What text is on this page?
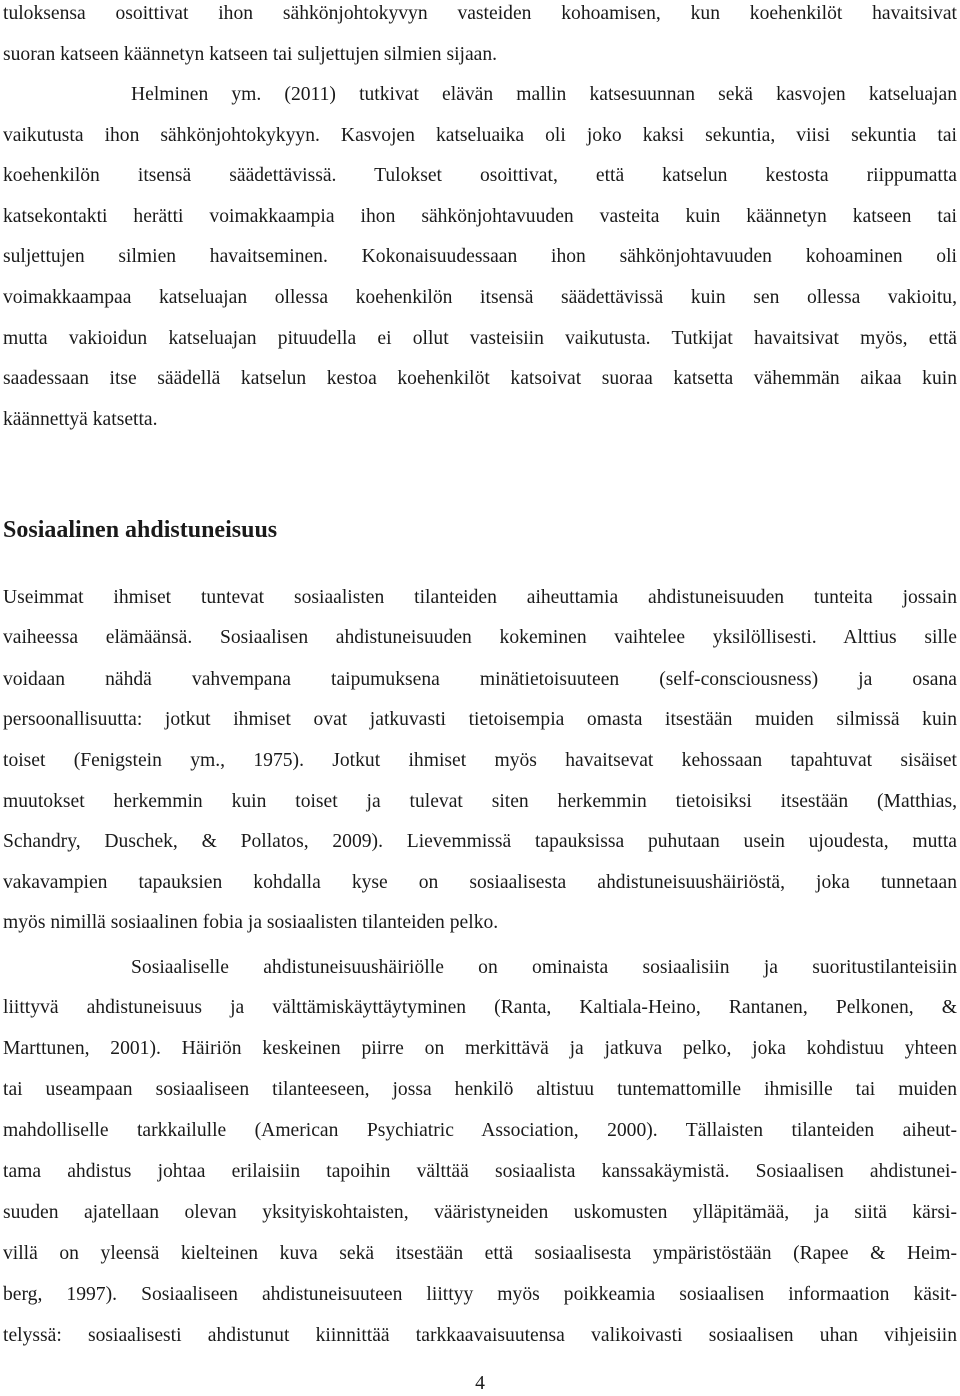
tuloksensa osoittivat ihon sähkönjohtokyvyn vasteiden kohoamisen, kun koehenkilöt havaitsivat
suoran katseen käännetyn katseen tai suljettujen silmien sijaan.
Helminen ym. (2011) tutkivat elävän mallin katsesuunnan sekä kasvojen katseluajan
vaikutusta ihon sähkönjohtokykyyn. Kasvojen katseluaika oli joko kaksi sekuntia, viisi sekuntia tai
koehenkilön itsensä säädettävissä. Tulokset osoittivat, että katselun kestosta riippumatta
katsekontakti herätti voimakkaampia ihon sähkönjohtavuuden vasteita kuin käännetyn katseen tai
suljettujen silmien havaitseminen. Kokonaisuudessaan ihon sähkönjohtavuuden kohoaminen oli
voimakkaampaa katseluajan ollessa koehenkilön itsensä säädettävissä kuin sen ollessa vakioitu,
mutta vakioidun katseluajan pituudella ei ollut vasteisiin vaikutusta. Tutkijat havaitsivat myös, että
saadessaan itse säädellä katselun kestoa koehenkilöt katsoivat suoraa katsetta vähemmän aikaa kuin
käännettyä katsetta.
Sosiaalinen ahdistuneisuus
Useimmat ihmiset tuntevat sosiaalisten tilanteiden aiheuttamia ahdistuneisuuden tunteita jossain
vaiheessa elämäänsä. Sosiaalisen ahdistuneisuuden kokeminen vaihtelee yksilöllisesti. Alttius sille
voidaan nähdä vahvempana taipumuksena minätietoisuuteen (self-consciousness) ja osana
persoonallisuutta: jotkut ihmiset ovat jatkuvasti tietoisempia omasta itsestään muiden silmissä kuin
toiset (Fenigstein ym., 1975). Jotkut ihmiset myös havaitsevat kehossaan tapahtuvat sisäiset
muutokset herkemmin kuin toiset ja tulevat siten herkemmin tietoisiksi itsestään (Matthias,
Schandry, Duschek, & Pollatos, 2009). Lievemmissä tapauksissa puhutaan usein ujoudesta, mutta
vakavampien tapauksien kohdalla kyse on sosiaalisesta ahdistuneisuushäiriöstä, joka tunnetaan
myös nimillä sosiaalinen fobia ja sosiaalisten tilanteiden pelko.
Sosiaaliselle ahdistuneisuushäiriölle on ominaista sosiaalisiin ja suoritustilanteisiin
liittyvä ahdistuneisuus ja välttämiskäyttäytyminen (Ranta, Kaltiala-Heino, Rantanen, Pelkonen, &
Marttunen, 2001). Häiriön keskeinen piirre on merkittävä ja jatkuva pelko, joka kohdistuu yhteen
tai useampaan sosiaaliseen tilanteeseen, jossa henkilö altistuu tuntemattomille ihmisille tai muiden
mahdolliselle tarkkailulle (American Psychiatric Association, 2000). Tällaisten tilanteiden aiheut-
tama ahdistus johtaa erilaisiin tapoihin välttää sosiaalista kanssakäymistä. Sosiaalisen ahdistunei-
suuden ajatellaan olevan yksityiskohtaisten, vääristyneiden uskomusten ylläpitämää, ja siitä kärsi-
villä on yleensä kielteinen kuva sekä itsestään että sosiaalisesta ympäristöstään (Rapee & Heim-
berg, 1997). Sosiaaliseen ahdistuneisuuteen liittyy myös poikkeamia sosiaalisen informaation käsit-
telyssä: sosiaalisesti ahdistunut kiinnittää tarkkaavaisuutensa valikoivasti sosiaalisen uhan vihjeisiin
4
